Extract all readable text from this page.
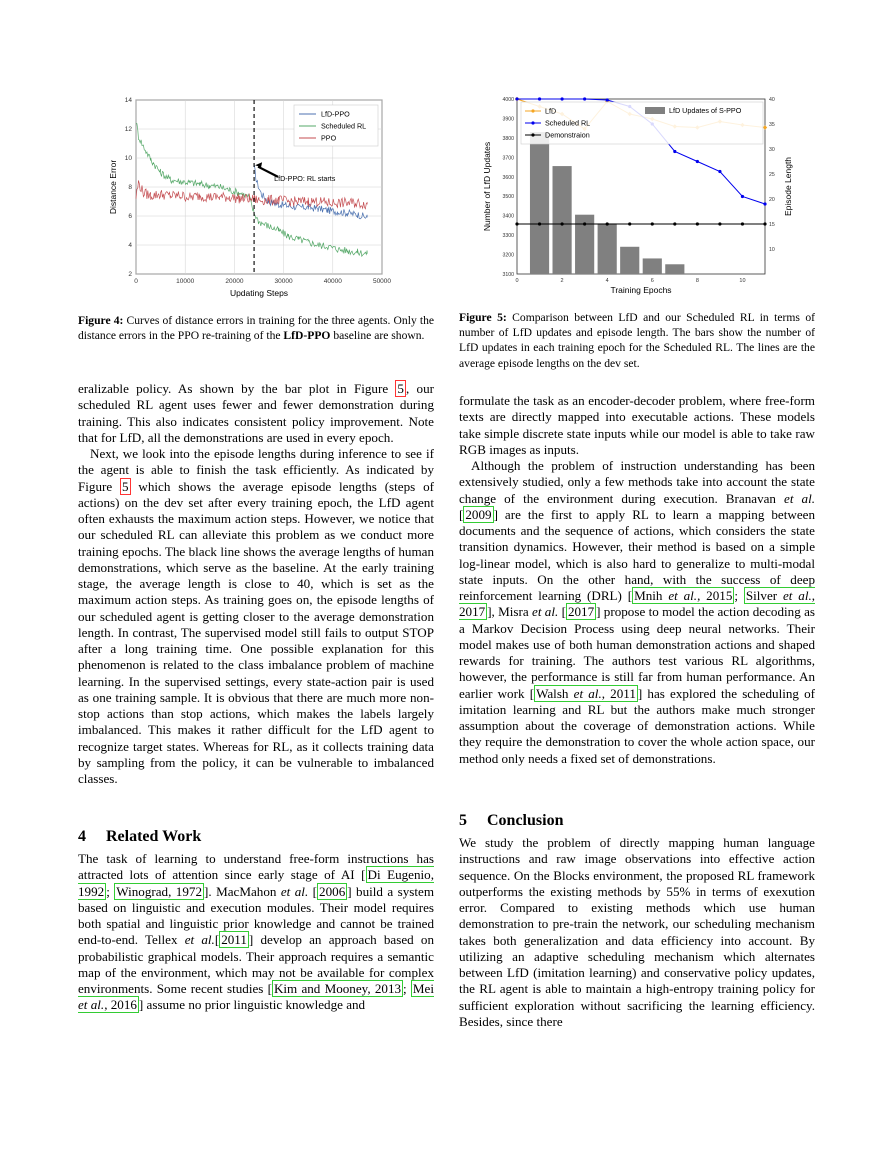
2
4
6
8
10
12
14
0	10000	20000	30000	40000	50000
Updating Steps
Distance Error	LfD-PPO: RL starts
LfD-PPO
Scheduled RL
PPO
Figure 4: Curves of distance errors in training for the three agents. Only the distance errors in the PPO re-training of the LfD-PPO baseline are shown.

eralizable policy. As shown by the bar plot in Figure 5 , our scheduled RL agent uses fewer and fewer demonstration during training. This also indicates consistent policy improvement. Note that for LfD, all the demonstrations are used in every epoch.

Next, we look into the episode lengths during inference to see if the agent is able to finish the task efficiently. As indicated by Figure 5 which shows the average episode lengths (steps of actions) on the dev set after every training epoch, the LfD agent often exhausts the maximum action steps. However, we notice that our scheduled RL can alleviate this problem as we conduct more training epochs. The black line shows the average lengths of human demonstrations, which serve as the baseline. At the early training stage, the average length is close to 40, which is set as the maximum action steps. As training goes on, the episode lengths of our scheduled agent is getting closer to the average demonstration length. In contrast, The supervised model still fails to output STOP after a long training time. One possible explanation for this phenomenon is related to the class imbalance problem of machine learning. In the supervised settings, every state-action pair is used as one training sample. It is obvious that there are much more non-stop actions than stop actions, which makes the labels largely imbalanced. This makes it rather difficult for the LfD agent to recognize target states. Whereas for RL, as it collects training data by sampling from the policy, it can be vulnerable to imbalanced classes.

4 Related Work

The task of learning to understand free-form instructions has attracted lots of attention since early stage of AI [ Di Eugenio, 1992 ; Winograd, 1972 ]. MacMahon et al. [ 2006 ] build a system based on linguistic and execution modules. Their model requires both spatial and linguistic prior knowledge and cannot be trained end-to-end. Tellex et al.[ 2011 ] develop an approach based on probabilistic graphical models. Their approach requires a semantic map of the environment, which may not be available for complex environments. Some recent studies [ Kim and Mooney, 2013 ; Mei et al., 2016 ] assume no prior linguistic knowledge and

3100
3200
3300
3400
3500
3600
3700
3800
3900
4000
10
15
20
25
30
35
40
0	2	4	6	8	10
Training Epochs
Number of LfD Updates	Episode Length
LfD
Scheduled RL
Demonstraion
LfD Updates of S-PPO
Figure 5: Comparison between LfD and our Scheduled RL in terms of number of LfD updates and episode length. The bars show the number of LfD updates in each training epoch for the Scheduled RL. The lines are the average episode lengths on the dev set.

formulate the task as an encoder-decoder problem, where free-form texts are directly mapped into executable actions. These models take simple discrete state inputs while our model is able to take raw RGB images as inputs.

Although the problem of instruction understanding has been extensively studied, only a few methods take into account the state change of the environment during execution. Branavan et al. [ 2009 ] are the first to apply RL to learn a mapping between documents and the sequence of actions, which considers the state transition dynamics. However, their method is based on a simple log-linear model, which is also hard to generalize to multi-modal state inputs. On the other hand, with the success of deep reinforcement learning (DRL) [ Mnih et al., 2015 ; Silver et al., 2017 ], Misra et al. [ 2017 ] propose to model the action decoding as a Markov Decision Process using deep neural networks. Their model makes use of both human demonstration actions and shaped rewards for training. The authors test various RL algorithms, however, the performance is still far from human performance. An earlier work [ Walsh et al., 2011 ] has explored the scheduling of imitation learning and RL but the authors make much stronger assumption about the coverage of demonstration actions. While they require the demonstration to cover the whole action space, our method only needs a fixed set of demonstrations.

5 Conclusion

We study the problem of directly mapping human language instructions and raw image observations into effective action sequence. On the Blocks environment, the proposed RL framework outperforms the existing methods by 55% in terms of exexution error. Compared to existing methods which use human demonstration to pre-train the network, our scheduling mechanism takes both generalization and data efficiency into account. By utilizing an adaptive scheduling mechanism which alternates between LfD (imitation learning) and conservative policy updates, the RL agent is able to maintain a high-entropy training policy for sufficient exploration without sacrificing the learning efficiency. Besides, since there
